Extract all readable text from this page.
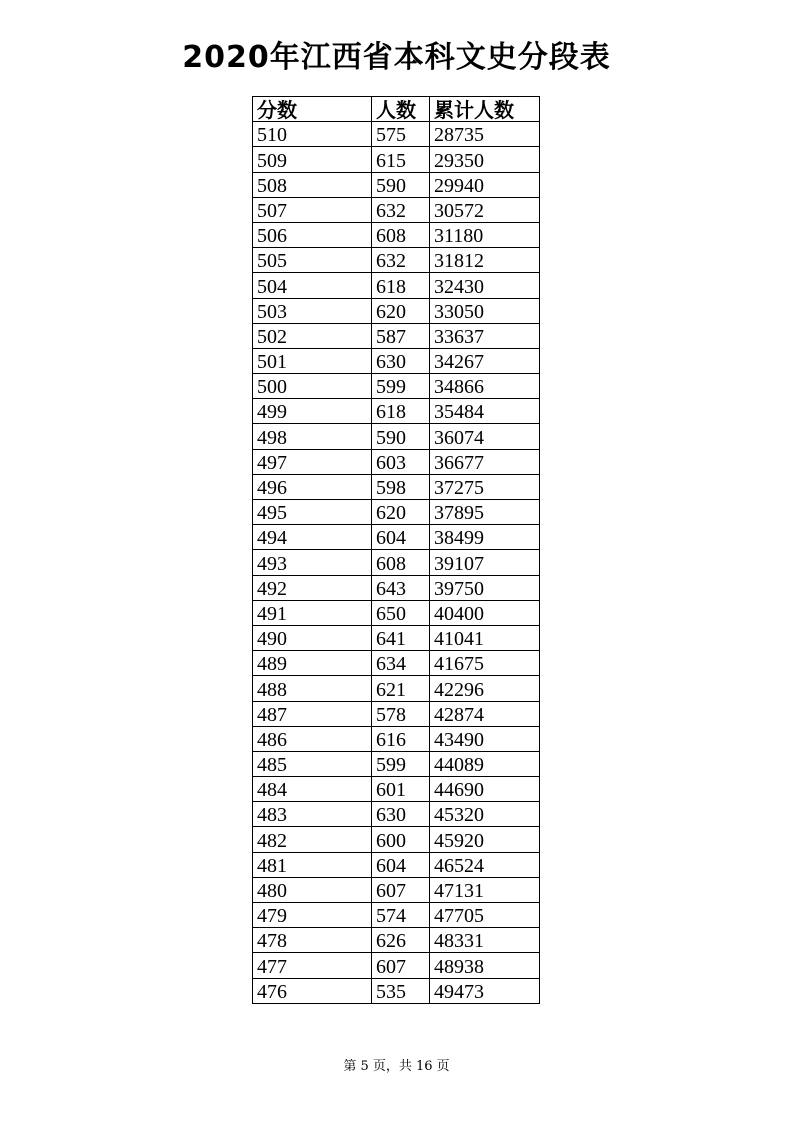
2020年江西省本科文史分段表
分数	人数	累计人数
510	575	28735
509	615	29350
508	590	29940
507	632	30572
506	608	31180
505	632	31812
504	618	32430
503	620	33050
502	587	33637
501	630	34267
500	599	34866
499	618	35484
498	590	36074
497	603	36677
496	598	37275
495	620	37895
494	604	38499
493	608	39107
492	643	39750
491	650	40400
490	641	41041
489	634	41675
488	621	42296
487	578	42874
486	616	43490
485	599	44089
484	601	44690
483	630	45320
482	600	45920
481	604	46524
480	607	47131
479	574	47705
478	626	48331
477	607	48938
476	535	49473
第 5 页，共 16 页
